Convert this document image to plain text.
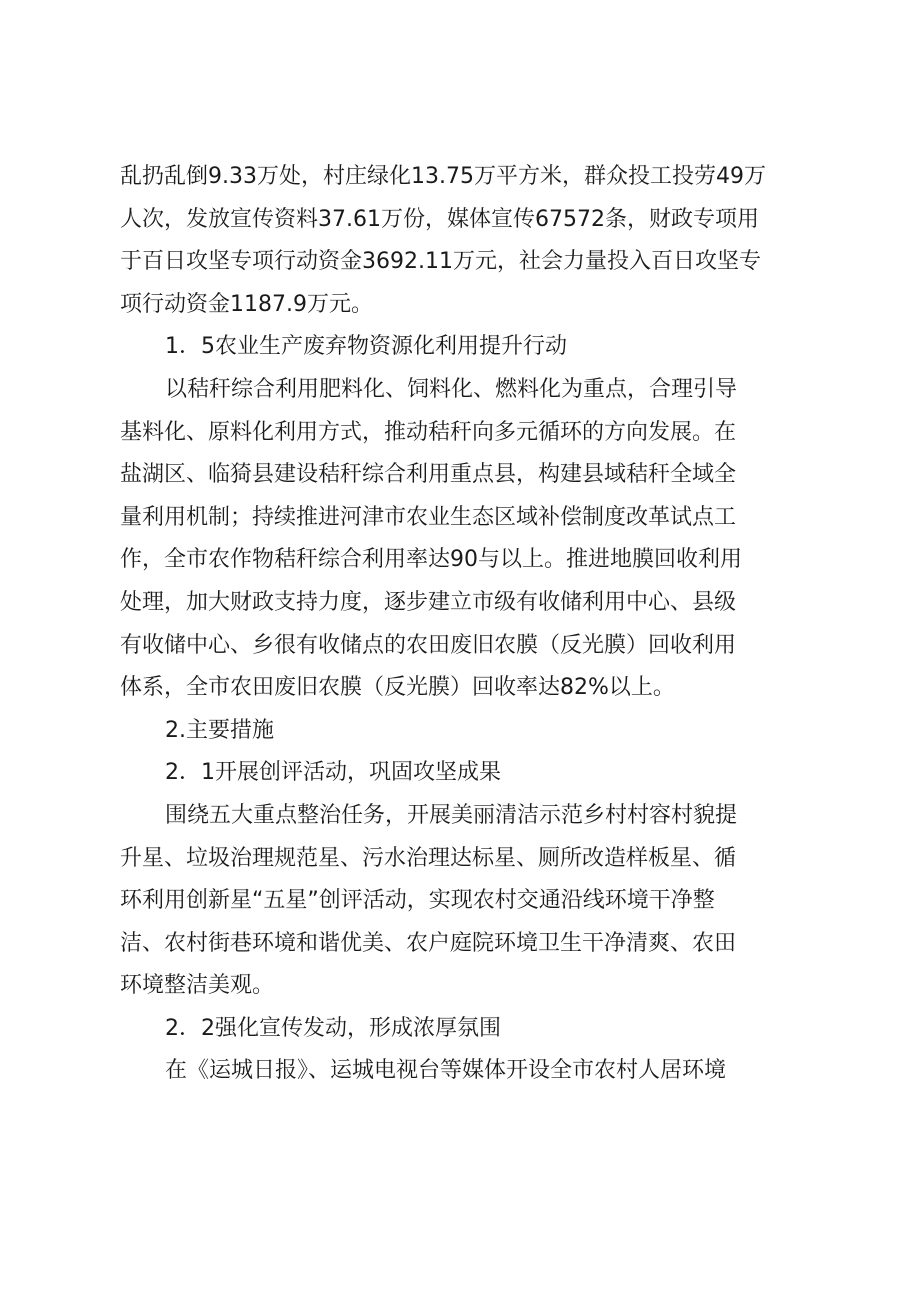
乱扔乱倒9.33万处，村庄绿化13.75万平方米，群众投工投劳49万

人次，发放宣传资料37.61万份，媒体宣传67572条，财政专项用

于百日攻坚专项行动资金3692.11万元，社会力量投入百日攻坚专

项行动资金1187.9万元。

1．5农业生产废弃物资源化利用提升行动

以秸秆综合利用肥料化、饲料化、燃料化为重点，合理引导

基料化、原料化利用方式，推动秸秆向多元循环的方向发展。在

盐湖区、临猗县建设秸秆综合利用重点县，构建县域秸秆全域全

量利用机制；持续推进河津市农业生态区域补偿制度改革试点工

作，全市农作物秸秆综合利用率达90与以上。推进地膜回收利用

处理，加大财政支持力度，逐步建立市级有收储利用中心、县级

有收储中心、乡很有收储点的农田废旧农膜（反光膜）回收利用

体系，全市农田废旧农膜（反光膜）回收率达82%以上。

2.主要措施

2．1开展创评活动，巩固攻坚成果

围绕五大重点整治任务，开展美丽清洁示范乡村村容村貌提

升星、垃圾治理规范星、污水治理达标星、厕所改造样板星、循

环利用创新星“五星”创评活动，实现农村交通沿线环境干净整

洁、农村街巷环境和谐优美、农户庭院环境卫生干净清爽、农田

环境整洁美观。

2．2强化宣传发动，形成浓厚氛围

在《运城日报》、运城电视台等媒体开设全市农村人居环境
